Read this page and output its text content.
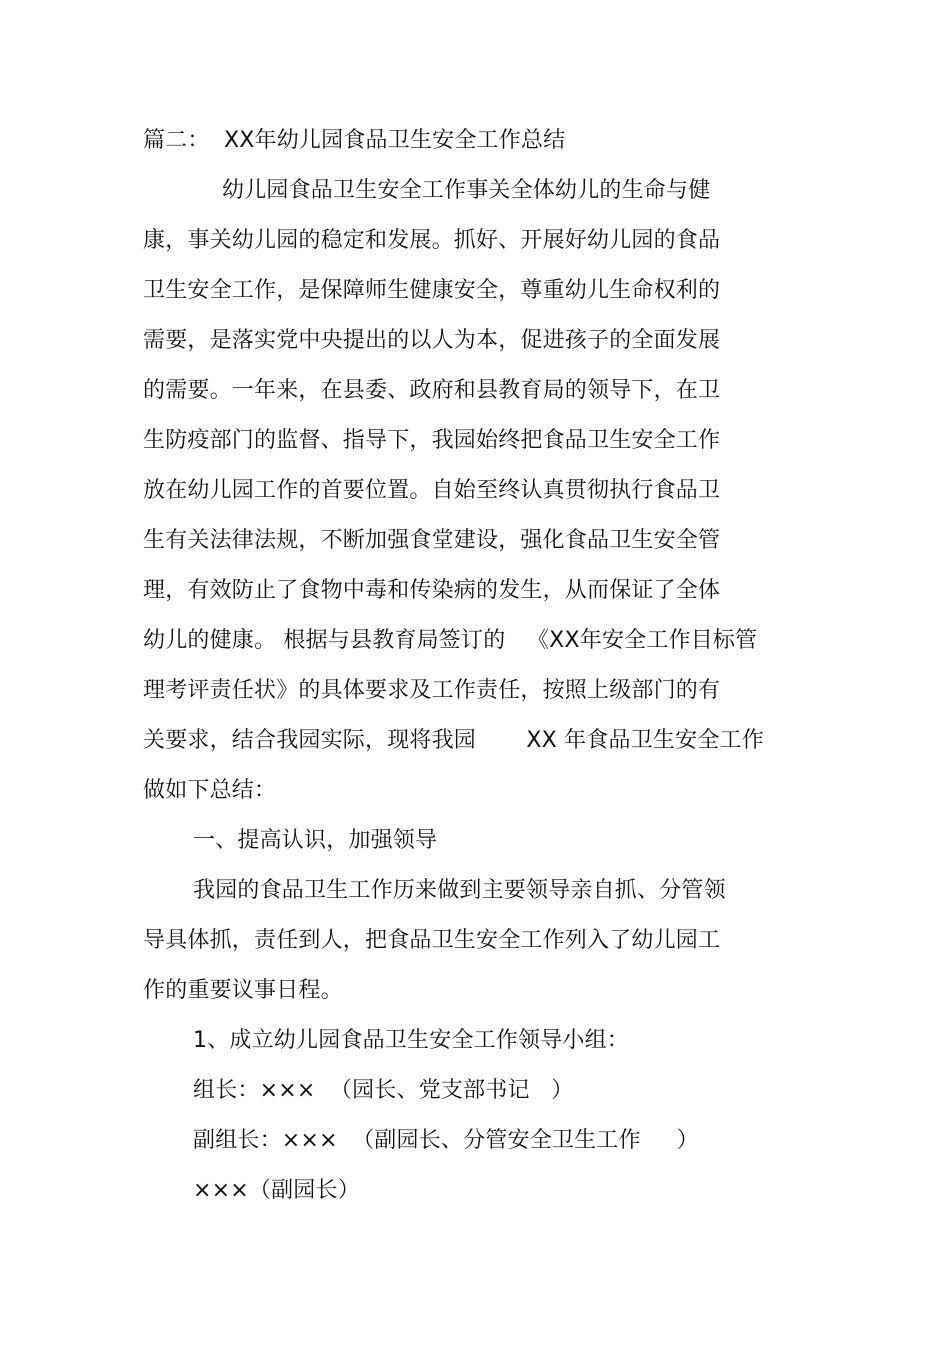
篇二：  XX年幼儿园食品卫生安全工作总结
幼儿园食品卫生安全工作事关全体幼儿的生命与健
康，事关幼儿园的稳定和发展。抓好、开展好幼儿园的食品
卫生安全工作，是保障师生健康安全，尊重幼儿生命权利的
需要，是落实党中央提出的以人为本，促进孩子的全面发展
的需要。一年来，在县委、政府和县教育局的领导下，在卫
生防疫部门的监督、指导下，我园始终把食品卫生安全工作
放在幼儿园工作的首要位置。自始至终认真贯彻执行食品卫
生有关法律法规，不断加强食堂建设，强化食品卫生安全管
理，有效防止了食物中毒和传染病的发生，从而保证了全体
幼儿的健康。 根据与县教育局签订的   《XX年安全工作目标管
理考评责任状》的具体要求及工作责任，按照上级部门的有
关要求，结合我园实际，现将我园       XX 年食品卫生安全工作
做如下总结：
一、提高认识，加强领导
我园的食品卫生工作历来做到主要领导亲自抓、分管领
导具体抓，责任到人，把食品卫生安全工作列入了幼儿园工
作的重要议事日程。
1、成立幼儿园食品卫生安全工作领导小组：
组长：×××  （园长、党支部书记   ）
副组长：×××  （副园长、分管安全卫生工作     ）
×××（副园长）
